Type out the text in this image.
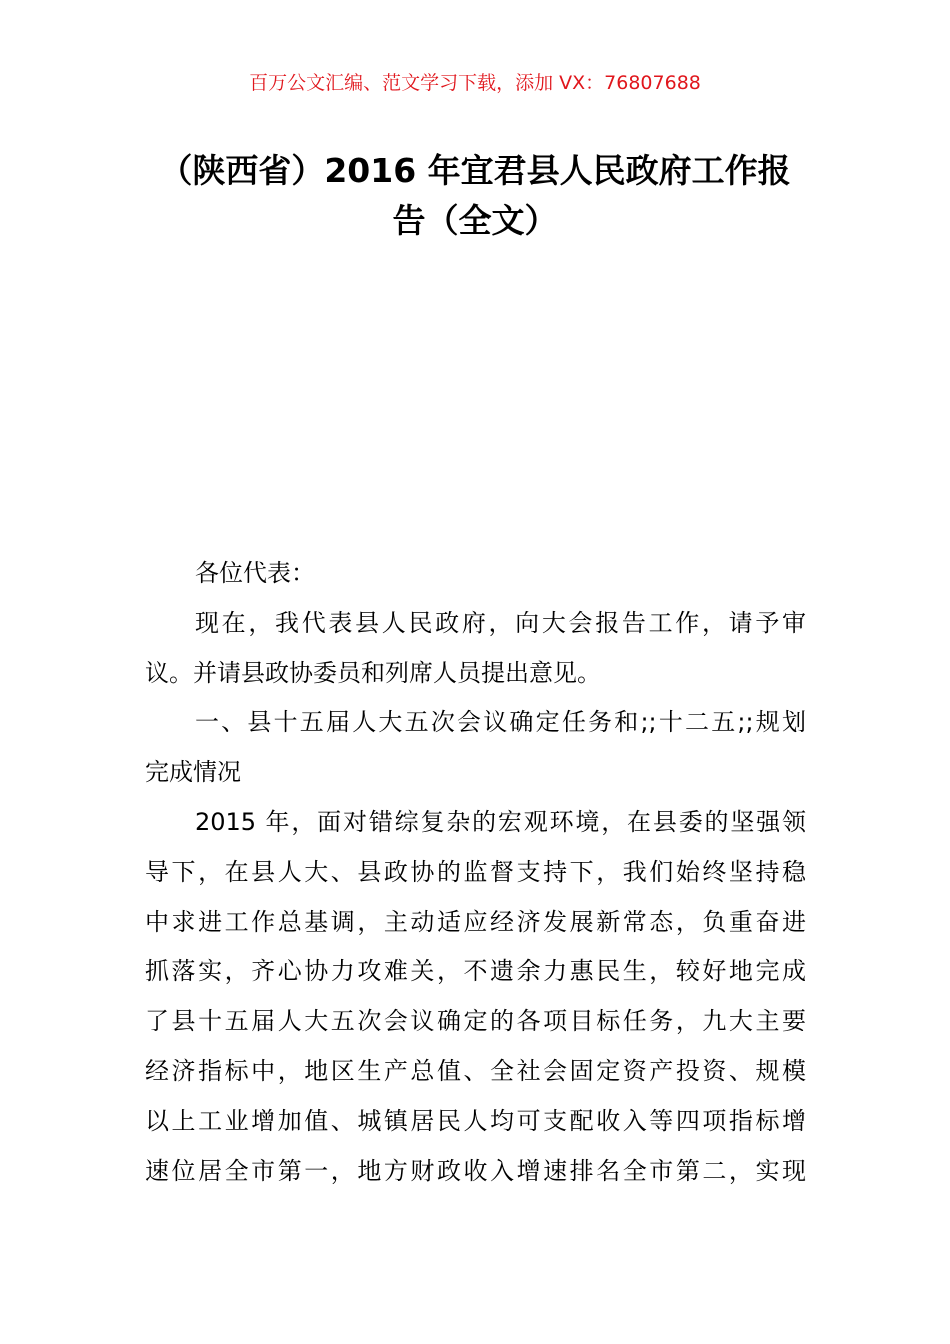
百万公文汇编、范文学习下载，添加 VX：76807688
（陕西省）2016 年宜君县人民政府工作报
告（全文）
各位代表：
现在，我代表县人民政府，向大会报告工作，请予审
议。并请县政协委员和列席人员提出意见。
一、县十五届人大五次会议确定任务和;;十二五;;规划
完成情况
2015 年，面对错综复杂的宏观环境，在县委的坚强领
导下，在县人大、县政协的监督支持下，我们始终坚持稳
中求进工作总基调，主动适应经济发展新常态，负重奋进
抓落实，齐心协力攻难关，不遗余力惠民生，较好地完成
了县十五届人大五次会议确定的各项目标任务，九大主要
经济指标中，地区生产总值、全社会固定资产投资、规模
以上工业增加值、城镇居民人均可支配收入等四项指标增
速位居全市第一，地方财政收入增速排名全市第二，实现
